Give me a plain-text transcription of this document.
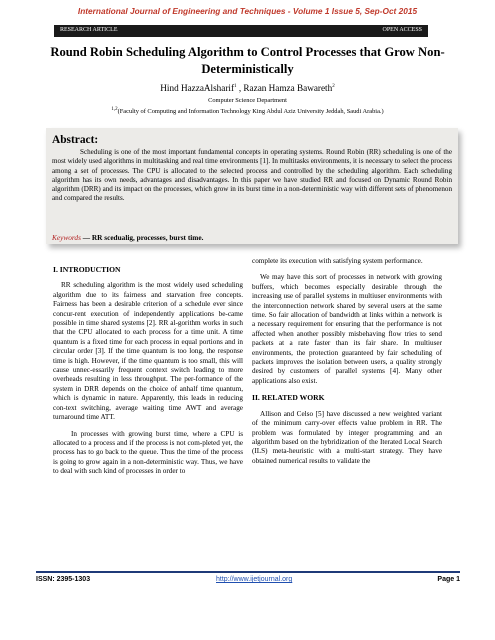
International Journal of Engineering and Techniques - Volume 1 Issue 5, Sep-Oct 2015
RESEARCH ARTICLE	OPEN ACCESS
Round Robin Scheduling Algorithm to Control Processes that Grow Non-Deterministically
Hind HazzaAlsharif$^1$ , Razan Hamza Bawareth$^2$
Computer Science Department
$^{1,2}$(Faculty of Computing and Information Technology King Abdul Aziz University Jeddah, Saudi Arabia.)
Abstract:
Scheduling is one of the most important fundamental concepts in operating systems. Round Robin (RR) scheduling is one of the most widely used algorithms in multitasking and real time environments [1]. In multitasks environments, it is necessary to select the process among a set of processes. The CPU is allocated to the selected process and controlled by the scheduling algorithm. Each scheduling algorithm has its own needs, advantages and disadvantages. In this paper we have studied RR and focused on Dynamic Round Robin algorithm (DRR) and its impact on the processes, which grow in its burst time in a non-deterministic way with different sets of phenomenon and compared the results.
Keywords — RR scedualig, processes, burst time.

I. INTRODUCTION

RR scheduling algorithm is the most widely used scheduling algorithm due to its fairness and starvation free concepts. Fairness has been a desirable criterion of a schedule ever since concur-rent execution of independently applications be-came possible in time shared systems [2]. RR al-gorithm works in such that the CPU allocated to each process for a time unit. A time quantum is a fixed time for each process in equal portions and in circular order [3]. If the time quantum is too long, the response time is high. However, if the time quantum is too small, this will cause unnec-essarily frequent context switch leading to more overheads resulting in less throughput. The per-formance of the system in DRR depends on the choice of anhalf time quantum, which is dynamic in nature. Apparently, this leads in reducing con-text switching, average waiting time AWT and average turnaround time ATT.

In processes with growing burst time, where a CPU is allocated to a process and if the process is not com-pleted yet, the process has to go back to the queue. Thus the time of the process is going to grow again in a non-deterministic way. Thus, we have to deal with such kind of processes in order to

complete its execution with satisfying system performance.

We may have this sort of processes in network with growing buffers, which becomes especially desirable through the increasing use of parallel systems in multiuser environments with the interconnection network shared by several users at the same time. So fair allocation of bandwidth at links within a network is a necessary requirement for ensuring that the performance is not affected when another possibly misbehaving flow tries to send packets at a rate faster than its fair share. In multiuser environments, the protection guaranteed by fair scheduling of packets improves the isolation between users, a quality strongly desired by customers of parallel systems [4]. Many other applications also exist.

II. RELATED WORK

Allison and Celso [5] have discussed a new weighted variant of the minimum carry-over effects value problem in RR. The problem was formulated by integer programming and an algorithm based on the hybridization of the Iterated Local Search (ILS) meta-heuristic with a multi-start strategy. They have obtained numerical results to validate the

ISSN: 2395-1303	http://www.ijetjournal.org	Page 1
